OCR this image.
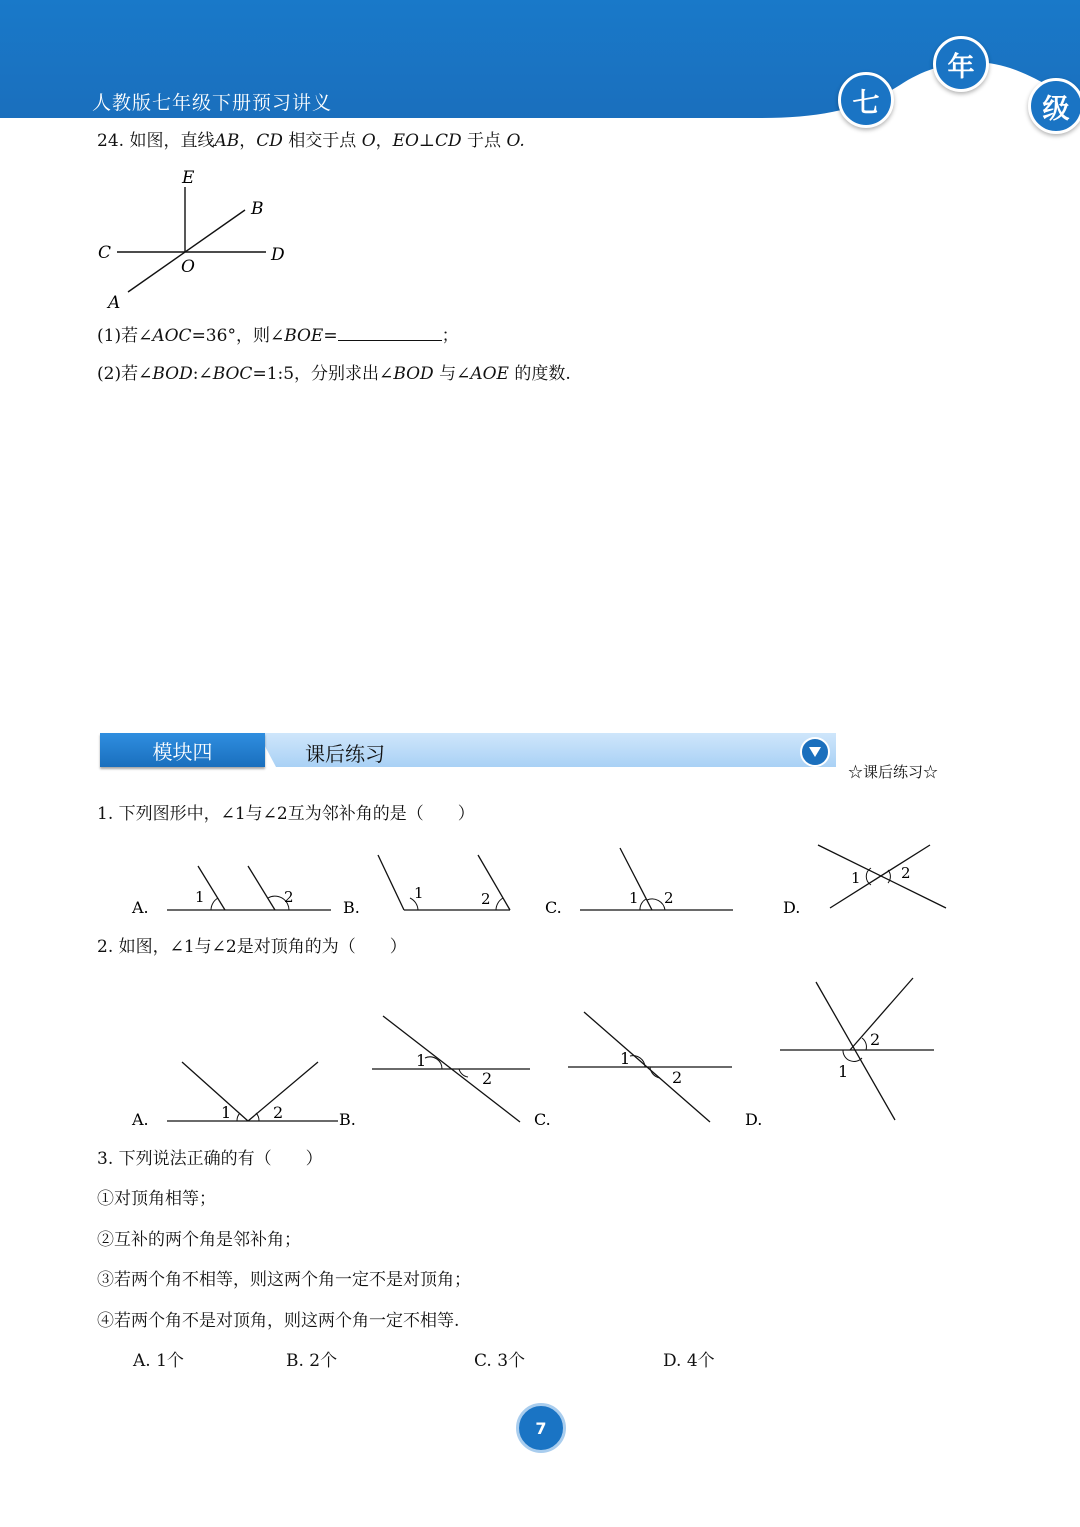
人教版七年级下册预习讲义	七
年
级
24. 如图，直线AB，CD 相交于点 O，EO⊥CD 于点 O.
E
B
C
O
D
A
(1)若∠AOC=36°，则∠BOE=	；
(2)若∠BOD:∠BOC=1:5，分别求出∠BOD 与∠AOE 的度数.
模块四	课后练习
☆课后练习☆
1. 下列图形中，∠1与∠2互为邻补角的是（　　）
A.
1	2
B.
1	2	C.	1 2	D.
1	2
2. 如图，∠1与∠2是对顶角的为（　　）
A.	1	2	B.
1
2
C.
1
2
D.
1
2
3. 下列说法正确的有（　　）
①对顶角相等；
②互补的两个角是邻补角；
③若两个角不相等，则这两个角一定不是对顶角；
④若两个角不是对顶角，则这两个角一定不相等.
A. 1个	B. 2个	C. 3个	D. 4个
7
